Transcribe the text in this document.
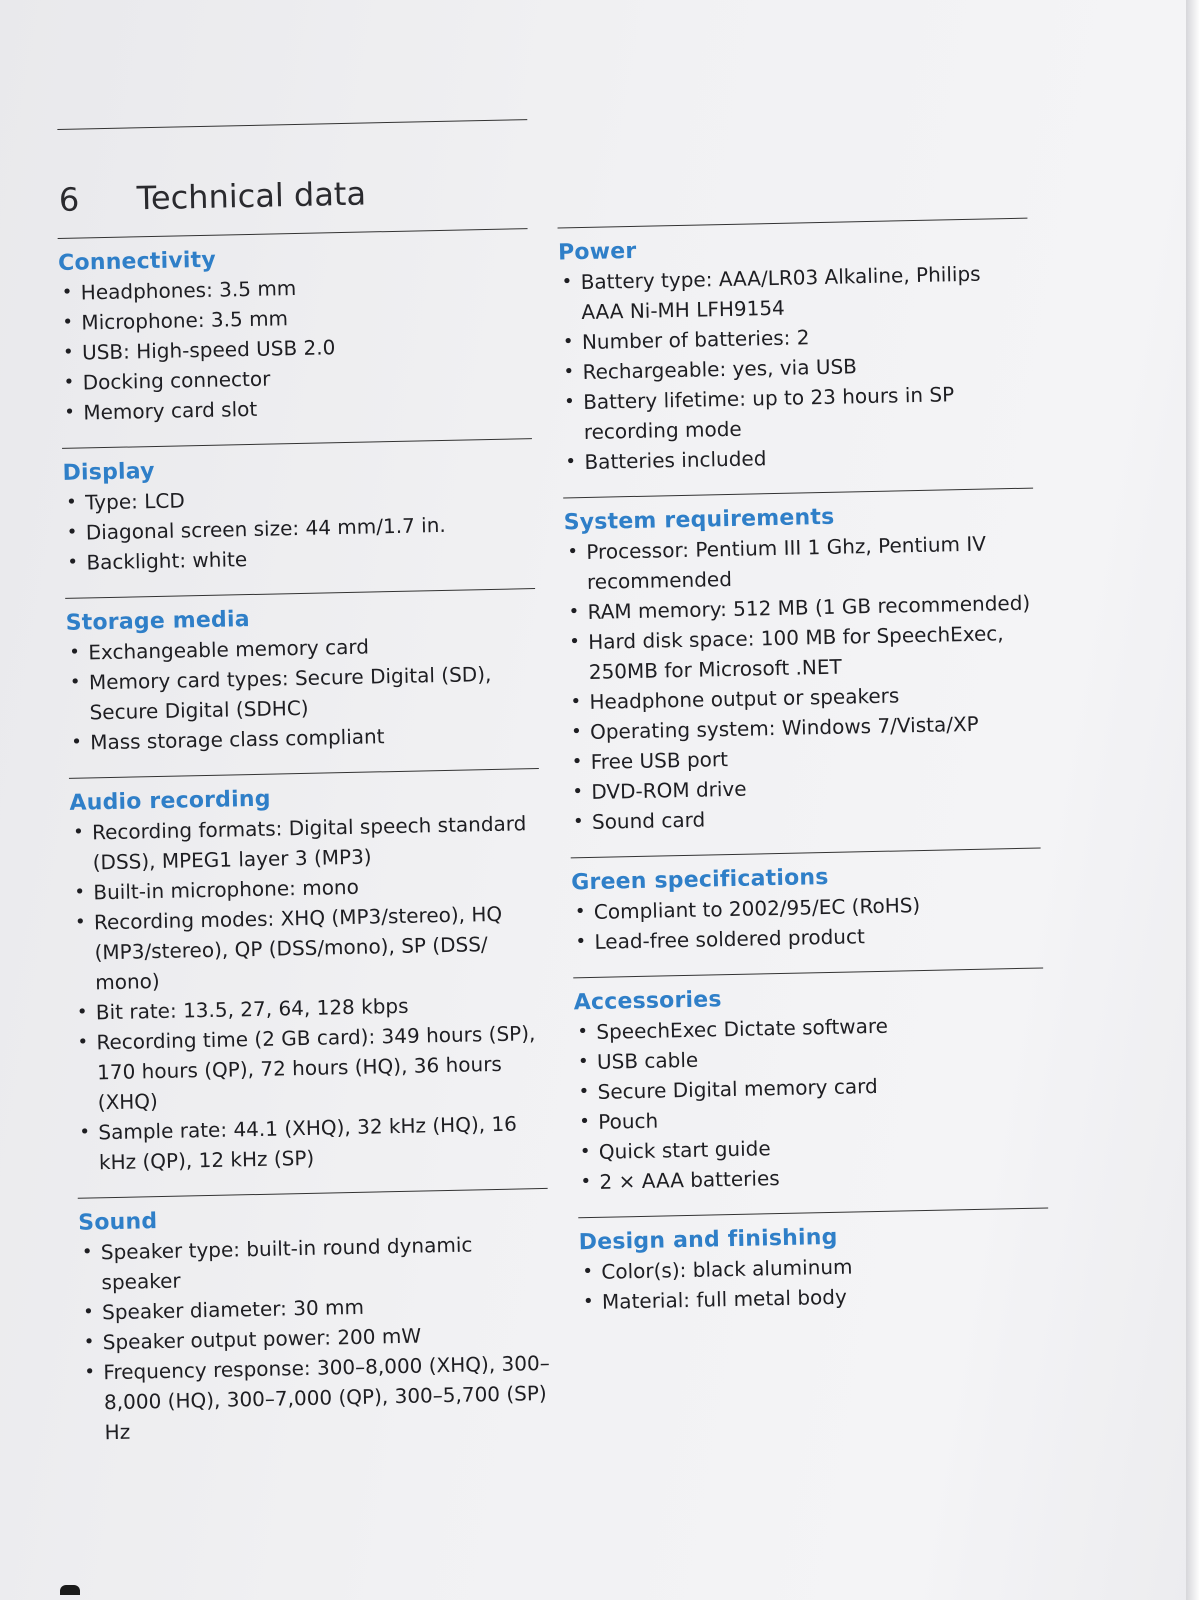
6 Technical data
Connectivity
• Headphones: 3.5 mm
• Microphone: 3.5 mm
• USB: High-speed USB 2.0
• Docking connector
• Memory card slot
Display
• Type: LCD
• Diagonal screen size: 44 mm/1.7 in.
• Backlight: white
Storage media
• Exchangeable memory card
• Memory card types: Secure Digital (SD), Secure Digital (SDHC)
• Mass storage class compliant
Audio recording
• Recording formats: Digital speech standard (DSS), MPEG1 layer 3 (MP3)
• Built-in microphone: mono
• Recording modes: XHQ (MP3/stereo), HQ (MP3/stereo), QP (DSS/mono), SP (DSS/ mono)
• Bit rate: 13.5, 27, 64, 128 kbps
• Recording time (2 GB card): 349 hours (SP), 170 hours (QP), 72 hours (HQ), 36 hours (XHQ)
• Sample rate: 44.1 (XHQ), 32 kHz (HQ), 16 kHz (QP), 12 kHz (SP)
Sound
• Speaker type: built-in round dynamic speaker
• Speaker diameter: 30 mm
• Speaker output power: 200 mW
• Frequency response: 300–8,000 (XHQ), 300–8,000 (HQ), 300–7,000 (QP), 300–5,700 (SP) Hz
Power
• Battery type: AAA/LR03 Alkaline, Philips AAA Ni-MH LFH9154
• Number of batteries: 2
• Rechargeable: yes, via USB
• Battery lifetime: up to 23 hours in SP recording mode
• Batteries included
System requirements
• Processor: Pentium III 1 Ghz, Pentium IV recommended
• RAM memory: 512 MB (1 GB recommended)
• Hard disk space: 100 MB for SpeechExec, 250MB for Microsoft .NET
• Headphone output or speakers
• Operating system: Windows 7/Vista/XP
• Free USB port
• DVD-ROM drive
• Sound card
Green specifications
• Compliant to 2002/95/EC (RoHS)
• Lead-free soldered product
Accessories
• SpeechExec Dictate software
• USB cable
• Secure Digital memory card
• Pouch
• Quick start guide
• 2 × AAA batteries
Design and finishing
• Color(s): black aluminum
• Material: full metal body
